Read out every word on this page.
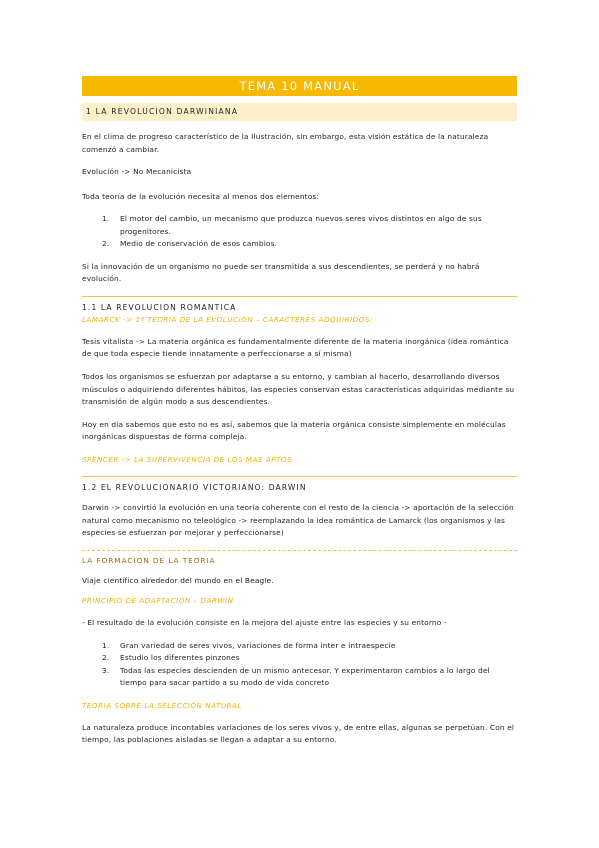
TEMA 10 MANUAL
1 LA REVOLUCION DARWINIANA

En el clima de progreso característico de la Ilustración, sin embargo, esta visión estática de la naturaleza comenzó a cambiar.

Evolución -> No Mecanicista

Toda teoría de la evolución necesita al menos dos elementos:

1. El motor del cambio, un mecanismo que produzca nuevos seres vivos distintos en algo de sus progenitores.
2. Medio de conservación de esos cambios.

Si la innovación de un organismo no puede ser transmitida a sus descendientes, se perderá y no habrá evolución.

1.1 LA REVOLUCION ROMANTICA
LAMARCK -> 1ª TEORIA DE LA EVOLUCION – CARACTERES ADQUIRIDOS:

Tesis vitalista -> La materia orgánica es fundamentalmente diferente de la materia inorgánica (idea romántica de que toda especie tiende innatamente a perfeccionarse a sí misma)

Todos los organismos se esfuerzan por adaptarse a su entorno, y cambian al hacerlo, desarrollando diversos músculos o adquiriendo diferentes hábitos, las especies conservan estas características adquiridas mediante su transmisión de algún modo a sus descendientes.

Hoy en día sabemos que esto no es así, sabemos que la materia orgánica consiste simplemente en moléculas inorgánicas dispuestas de forma compleja.

SPENCER -> LA SUPERVIVENCIA DE LOS MAS APTOS
1.2 EL REVOLUCIONARIO VICTORIANO: DARWIN

Darwin -> convirtió la evolución en una teoría coherente con el resto de la ciencia -> aportación de la selección natural como mecanismo no teleológico -> reemplazando la idea romántica de Lamarck (los organismos y las especies se esfuerzan por mejorar y perfeccionarse)

LA FORMACION DE LA TEORIA

Viaje científico alrededor del mundo en el Beagle.

PRINCIPIO DE ADAPTACIÓN – DARWIN

- El resultado de la evolución consiste en la mejora del ajuste entre las especies y su entorno -

1. Gran variedad de seres vivos, variaciones de forma inter e intraespecie
2. Estudio los diferentes pinzones
3. Todas las especies descienden de un mismo antecesor. Y experimentaron cambios a lo largo del tiempo para sacar partido a su modo de vida concreto
TEORIA SOBRE LA SELECCIÓN NATURAL

La naturaleza produce incontables variaciones de los seres vivos y, de entre ellas, algunas se perpetúan. Con el tiempo, las poblaciones aisladas se llegan a adaptar a su entorno.
